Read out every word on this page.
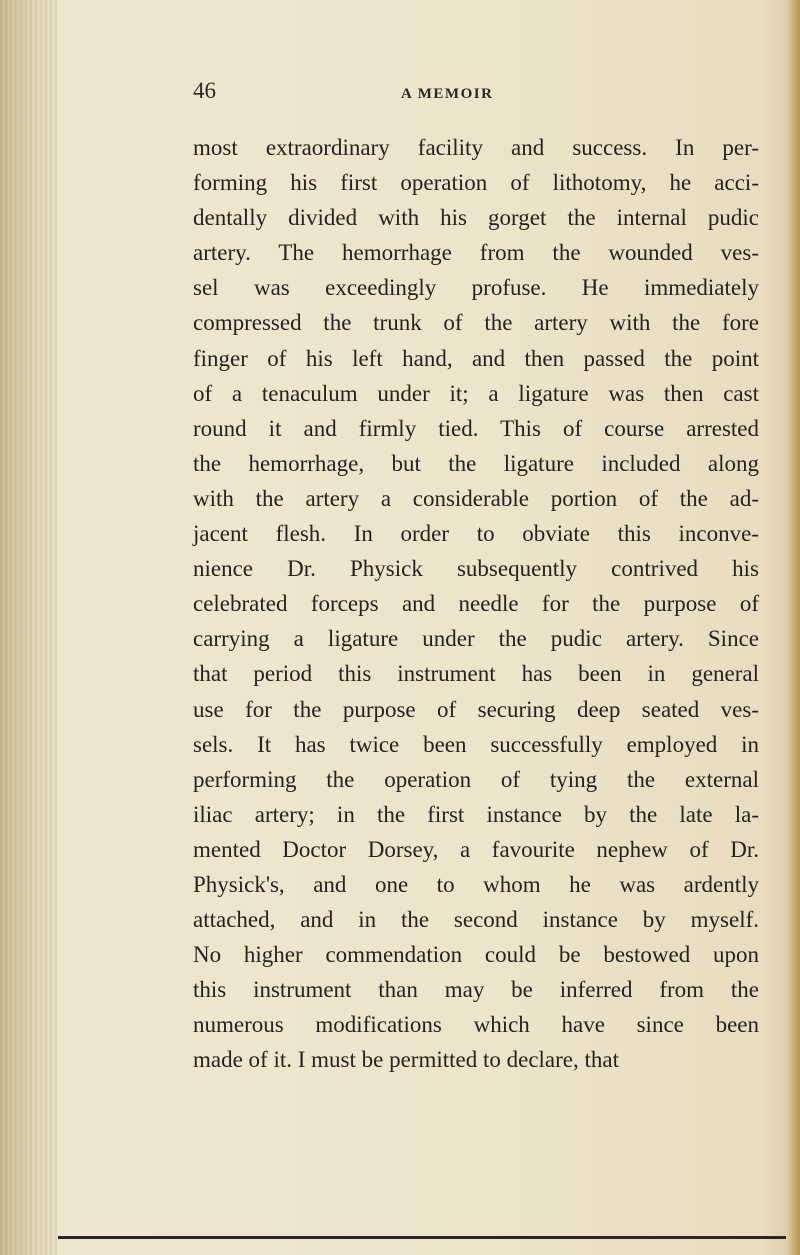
46	A MEMOIR
most extraordinary facility and success. In per-
forming his first operation of lithotomy, he acci-
dentally divided with his gorget the internal pudic
artery. The hemorrhage from the wounded ves-
sel was exceedingly profuse. He immediately
compressed the trunk of the artery with the fore
finger of his left hand, and then passed the point
of a tenaculum under it; a ligature was then cast
round it and firmly tied. This of course arrested
the hemorrhage, but the ligature included along
with the artery a considerable portion of the ad-
jacent flesh. In order to obviate this inconve-
nience Dr. Physick subsequently contrived his
celebrated forceps and needle for the purpose of
carrying a ligature under the pudic artery. Since
that period this instrument has been in general
use for the purpose of securing deep seated ves-
sels. It has twice been successfully employed in
performing the operation of tying the external
iliac artery; in the first instance by the late la-
mented Doctor Dorsey, a favourite nephew of Dr.
Physick's, and one to whom he was ardently
attached, and in the second instance by myself.
No higher commendation could be bestowed upon
this instrument than may be inferred from the
numerous modifications which have since been
made of it. I must be permitted to declare, that
